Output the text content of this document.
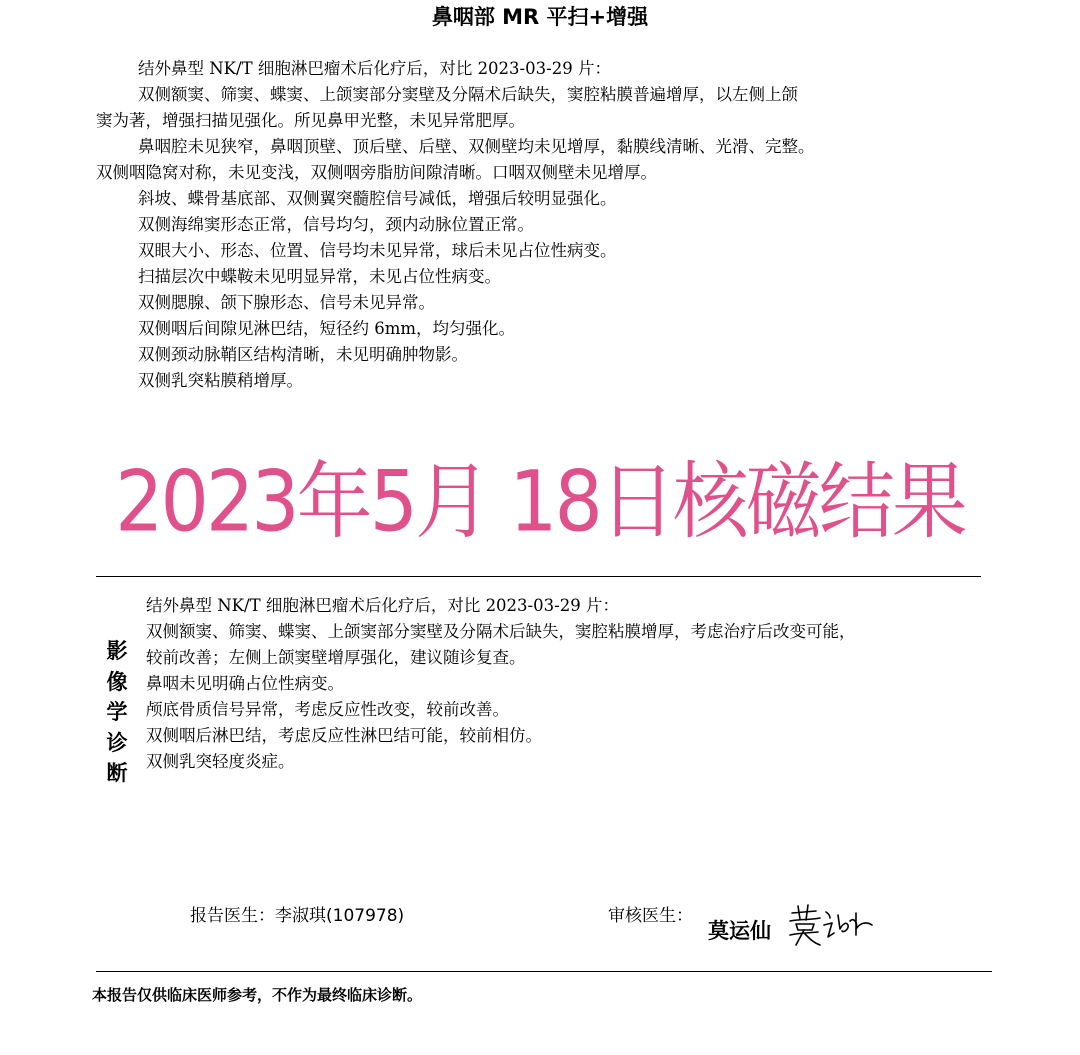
鼻咽部 MR 平扫+增强
结外鼻型 NK/T 细胞淋巴瘤术后化疗后，对比 2023-03-29 片：
双侧额窦、筛窦、蝶窦、上颌窦部分窦壁及分隔术后缺失，窦腔粘膜普遍增厚，以左侧上颌
窦为著，增强扫描见强化。所见鼻甲光整，未见异常肥厚。
鼻咽腔未见狭窄，鼻咽顶壁、顶后壁、后壁、双侧壁均未见增厚，黏膜线清晰、光滑、完整。
双侧咽隐窝对称，未见变浅，双侧咽旁脂肪间隙清晰。口咽双侧壁未见增厚。
斜坡、蝶骨基底部、双侧翼突髓腔信号减低，增强后较明显强化。
双侧海绵窦形态正常，信号均匀，颈内动脉位置正常。
双眼大小、形态、位置、信号均未见异常，球后未见占位性病变。
扫描层次中蝶鞍未见明显异常，未见占位性病变。
双侧腮腺、颌下腺形态、信号未见异常。
双侧咽后间隙见淋巴结，短径约 6mm，均匀强化。
双侧颈动脉鞘区结构清晰，未见明确肿物影。
双侧乳突粘膜稍增厚。
2023年5月 18日核磁结果
影
像
学
诊
断
结外鼻型 NK/T 细胞淋巴瘤术后化疗后，对比 2023-03-29 片：
双侧额窦、筛窦、蝶窦、上颌窦部分窦壁及分隔术后缺失，窦腔粘膜增厚，考虑治疗后改变可能，
较前改善；左侧上颌窦壁增厚强化，建议随诊复查。
鼻咽未见明确占位性病变。
颅底骨质信号异常，考虑反应性改变，较前改善。
双侧咽后淋巴结，考虑反应性淋巴结可能，较前相仿。
双侧乳突轻度炎症。
报告医生：李淑琪(107978)	审核医生：
莫运仙
本报告仅供临床医师参考，不作为最终临床诊断。
